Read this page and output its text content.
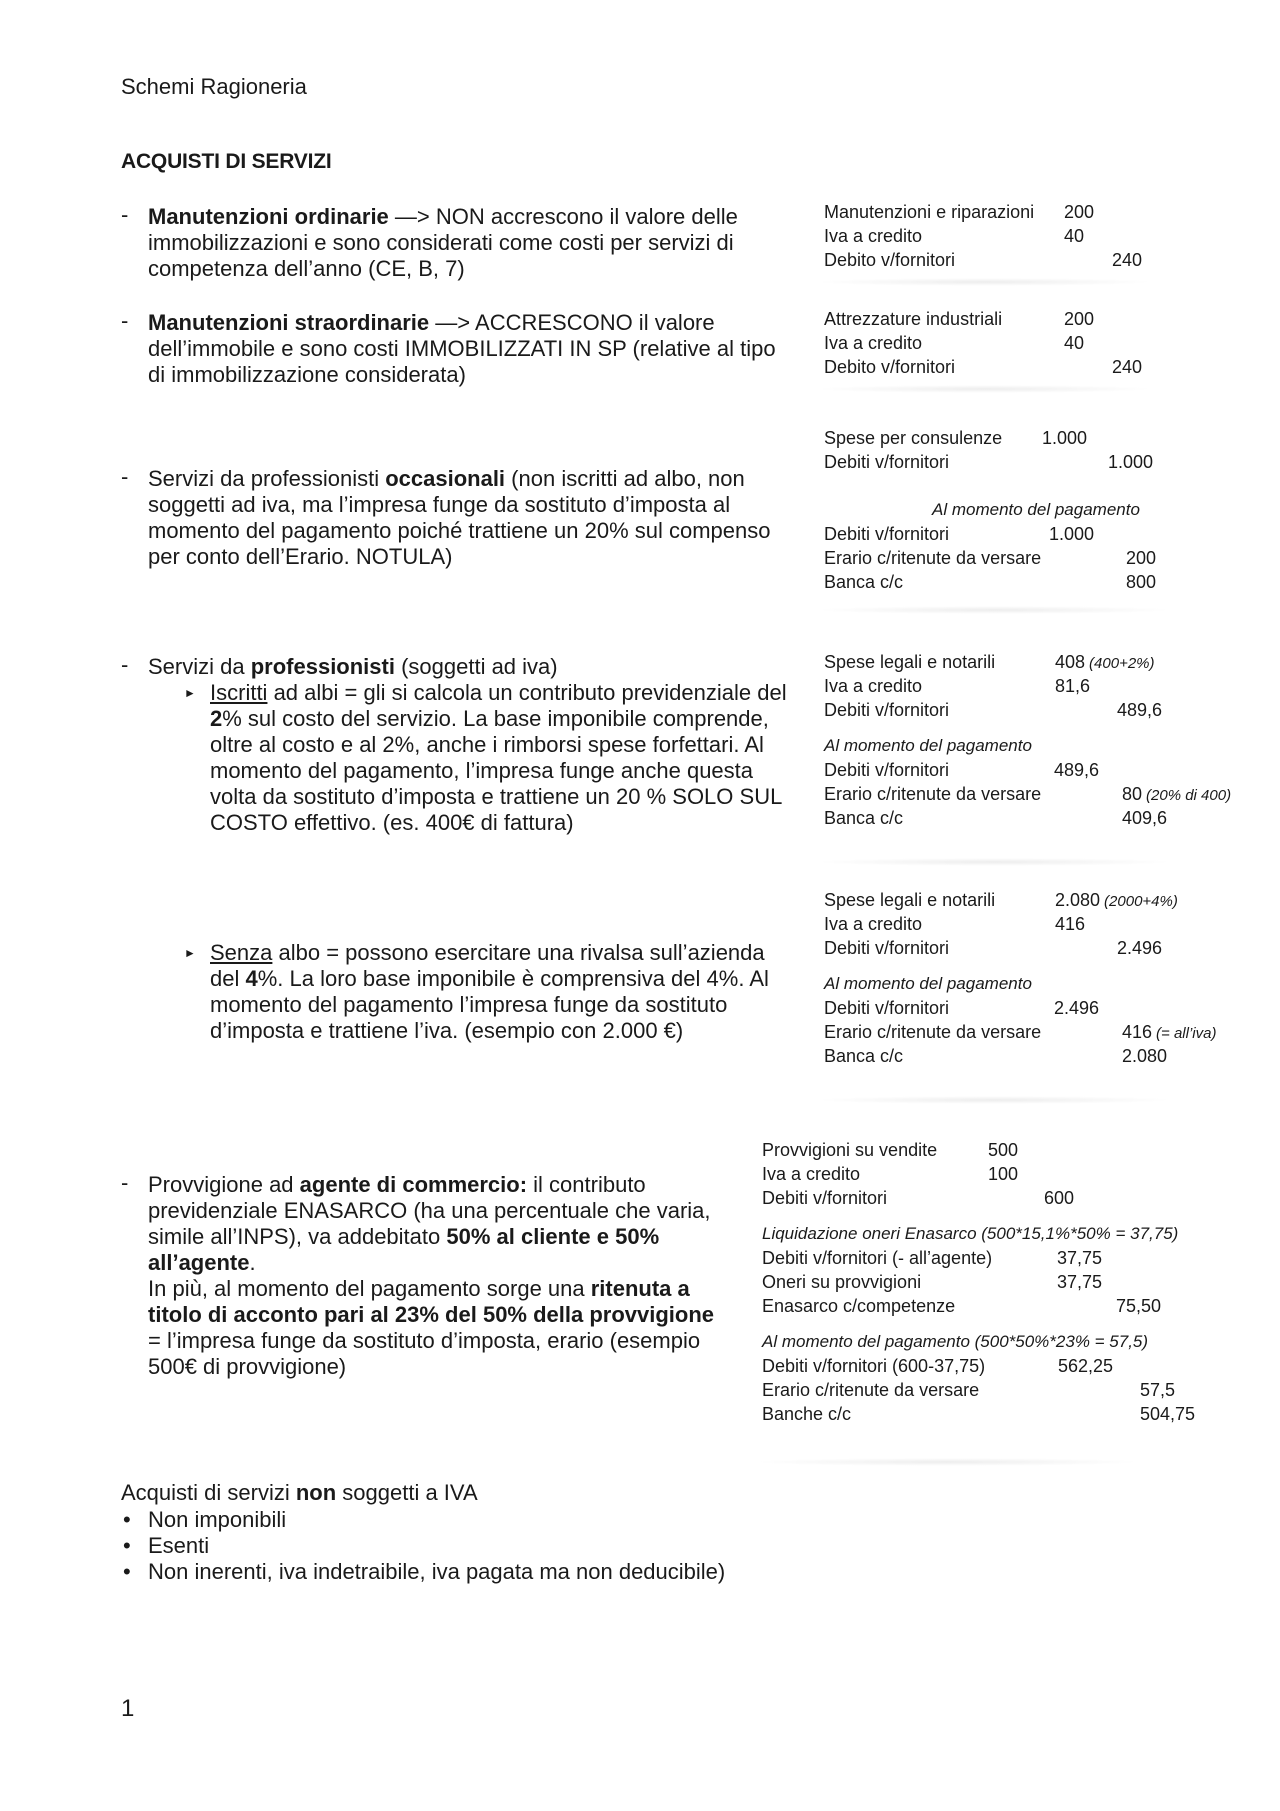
Schemi Ragioneria
ACQUISTI DI SERVIZI
- Manutenzioni ordinarie —> NON accrescono il valore delle immobilizzazioni e sono considerati come costi per servizi di competenza dell’anno (CE, B, 7)
- Manutenzioni straordinarie —> ACCRESCONO il valore dell’immobile e sono costi IMMOBILIZZATI IN SP (relative al tipo di immobilizzazione considerata)
- Servizi da professionisti occasionali (non iscritti ad albo, non soggetti ad iva, ma l’impresa funge da sostituto d’imposta al momento del pagamento poiché trattiene un 20% sul compenso per conto dell’Erario. NOTULA)
- Servizi da professionisti (soggetti ad iva)
► Iscritti ad albi = gli si calcola un contributo previdenziale del 2% sul costo del servizio. La base imponibile comprende, oltre al costo e al 2%, anche i rimborsi spese forfettari. Al momento del pagamento, l’impresa funge anche questa volta da sostituto d’imposta e trattiene un 20 % SOLO SUL COSTO effettivo. (es. 400€ di fattura)
► Senza albo = possono esercitare una rivalsa sull’azienda del 4%. La loro base imponibile è comprensiva del 4%. Al momento del pagamento l’impresa funge da sostituto d’imposta e trattiene l’iva. (esempio con 2.000 €)
- Provvigione ad agente di commercio: il contributo previdenziale ENASARCO (ha una percentuale che varia, simile all’INPS), va addebitato 50% al cliente e 50% all’agente.
In più, al momento del pagamento sorge una ritenuta a titolo di acconto pari al 23% del 50% della provvigione = l’impresa funge da sostituto d’imposta, erario (esempio 500€ di provvigione)
Manutenzioni e riparazioni 200
Iva a credito	40
Debito v/fornitori	240
Attrezzature industriali	200
Iva a credito	40
Debito v/fornitori	240
Spese per consulenze 1.000
Debiti v/fornitori	1.000
Al momento del pagamento
Debiti v/fornitori	1.000
Erario c/ritenute da versare	200
Banca c/c	800
Spese legali e notarili	408 (400+2%)
Iva a credito	81,6
Debiti v/fornitori	489,6
Al momento del pagamento
Debiti v/fornitori	489,6
Erario c/ritenute da versare	80 (20% di 400)
Banca c/c	409,6
Spese legali e notarili	2.080 (2000+4%)
Iva a credito	416
Debiti v/fornitori	2.496
Al momento del pagamento
Debiti v/fornitori	2.496
Erario c/ritenute da versare	416 (= all’iva)
Banca c/c	2.080
Provvigioni su vendite	500
Iva a credito	100
Debiti v/fornitori	600
Liquidazione oneri Enasarco (500*15,1%*50% = 37,75)
Debiti v/fornitori (- all’agente)	37,75
Oneri su provvigioni	37,75
Enasarco c/competenze	75,50
Al momento del pagamento (500*50%*23% = 57,5)
Debiti v/fornitori (600-37,75)	562,25
Erario c/ritenute da versare	57,5
Banche c/c	504,75
Acquisti di servizi non soggetti a IVA
• Non imponibili
• Esenti
• Non inerenti, iva indetraibile, iva pagata ma non deducibile)
1
